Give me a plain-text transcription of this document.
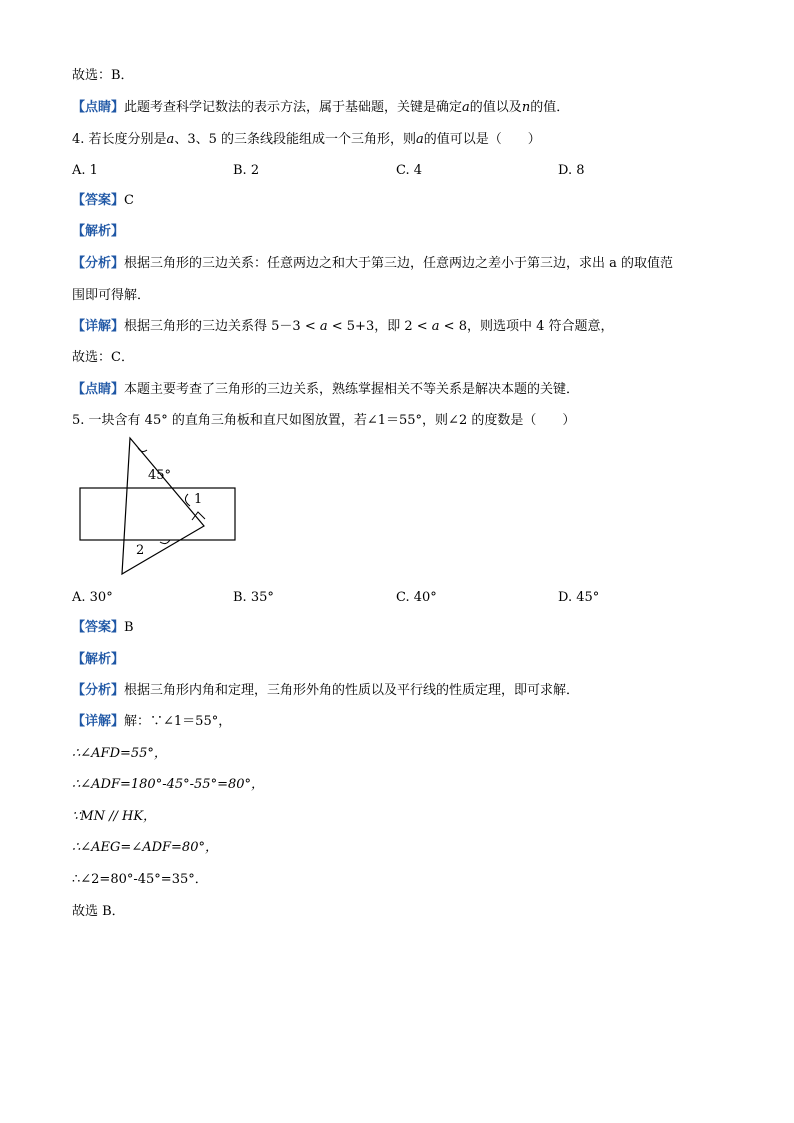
故选：B．
【点睛】此题考查科学记数法的表示方法，属于基础题，关键是确定a的值以及n的值．
4. 若长度分别是a、3、5 的三条线段能组成一个三角形，则a的值可以是（　　）
A. 1	B. 2	C. 4	D. 8
【答案】C
【解析】
【分析】根据三角形的三边关系：任意两边之和大于第三边，任意两边之差小于第三边，求出 a 的取值范
围即可得解．
【详解】根据三角形的三边关系得 5－3 < a < 5+3，即 2 < a < 8，则选项中 4 符合题意，
故选：C．
【点睛】本题主要考查了三角形的三边关系，熟练掌握相关不等关系是解决本题的关键．
5. 一块含有 45° 的直角三角板和直尺如图放置，若∠1＝55°，则∠2 的度数是（　　）
45°
1
2
A. 30°	B. 35°	C. 40°	D. 45°
【答案】B
【解析】
【分析】根据三角形内角和定理，三角形外角的性质以及平行线的性质定理，即可求解．
【详解】解：∵∠1＝55°，
∴∠AFD=55°，
∴∠ADF=180°-45°-55°=80°，
∵MN // HK，
∴∠AEG=∠ADF=80°，
∴∠2=80°-45°=35°．
故选 B．
